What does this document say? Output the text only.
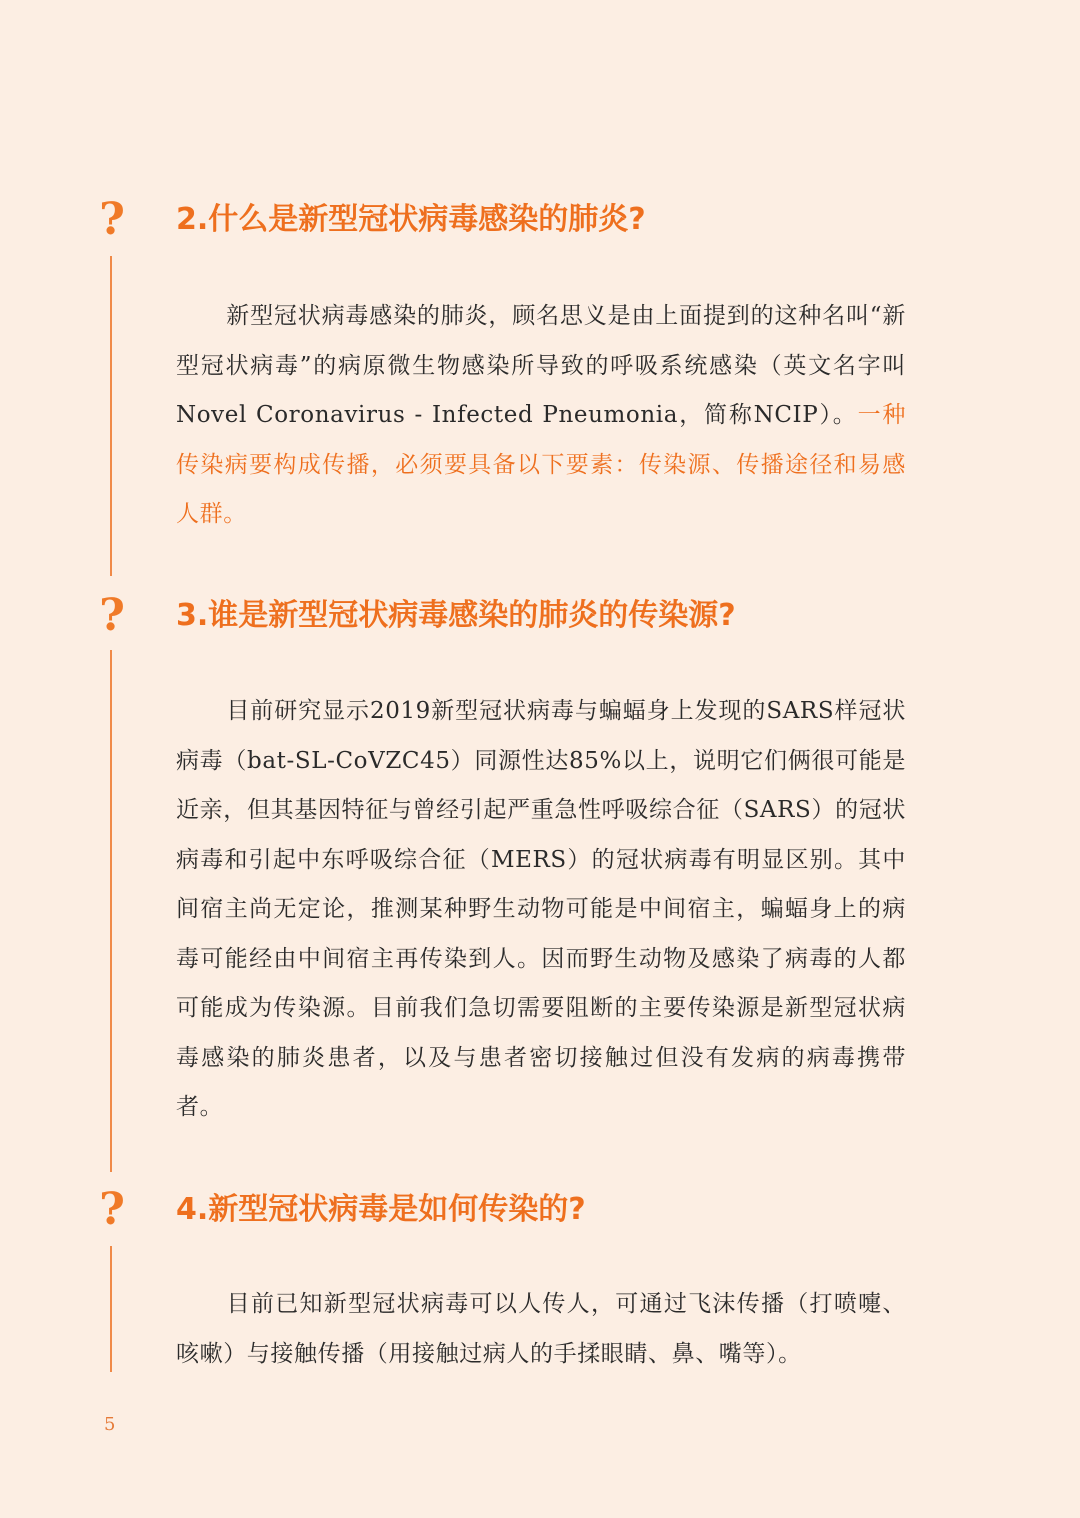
? 2.什么是新型冠状病毒感染的肺炎?

新型冠状病毒感染的肺炎，顾名思义是由上面提到的这种名叫“新型冠状病毒”的病原微生物感染所导致的呼吸系统感染（英文名字叫Novel Coronavirus - Infected Pneumonia，简称NCIP）。一种传染病要构成传播，必须要具备以下要素：传染源、传播途径和易感人群。

? 3.谁是新型冠状病毒感染的肺炎的传染源?

目前研究显示2019新型冠状病毒与蝙蝠身上发现的SARS样冠状病毒（bat-SL-CoVZC45）同源性达85%以上，说明它们俩很可能是近亲，但其基因特征与曾经引起严重急性呼吸综合征（SARS）的冠状病毒和引起中东呼吸综合征（MERS）的冠状病毒有明显区别。其中间宿主尚无定论，推测某种野生动物可能是中间宿主，蝙蝠身上的病毒可能经由中间宿主再传染到人。因而野生动物及感染了病毒的人都可能成为传染源。目前我们急切需要阻断的主要传染源是新型冠状病毒感染的肺炎患者，以及与患者密切接触过但没有发病的病毒携带者。

? 4.新型冠状病毒是如何传染的?

目前已知新型冠状病毒可以人传人，可通过飞沫传播（打喷嚏、咳嗽）与接触传播（用接触过病人的手揉眼睛、鼻、嘴等）。

5
